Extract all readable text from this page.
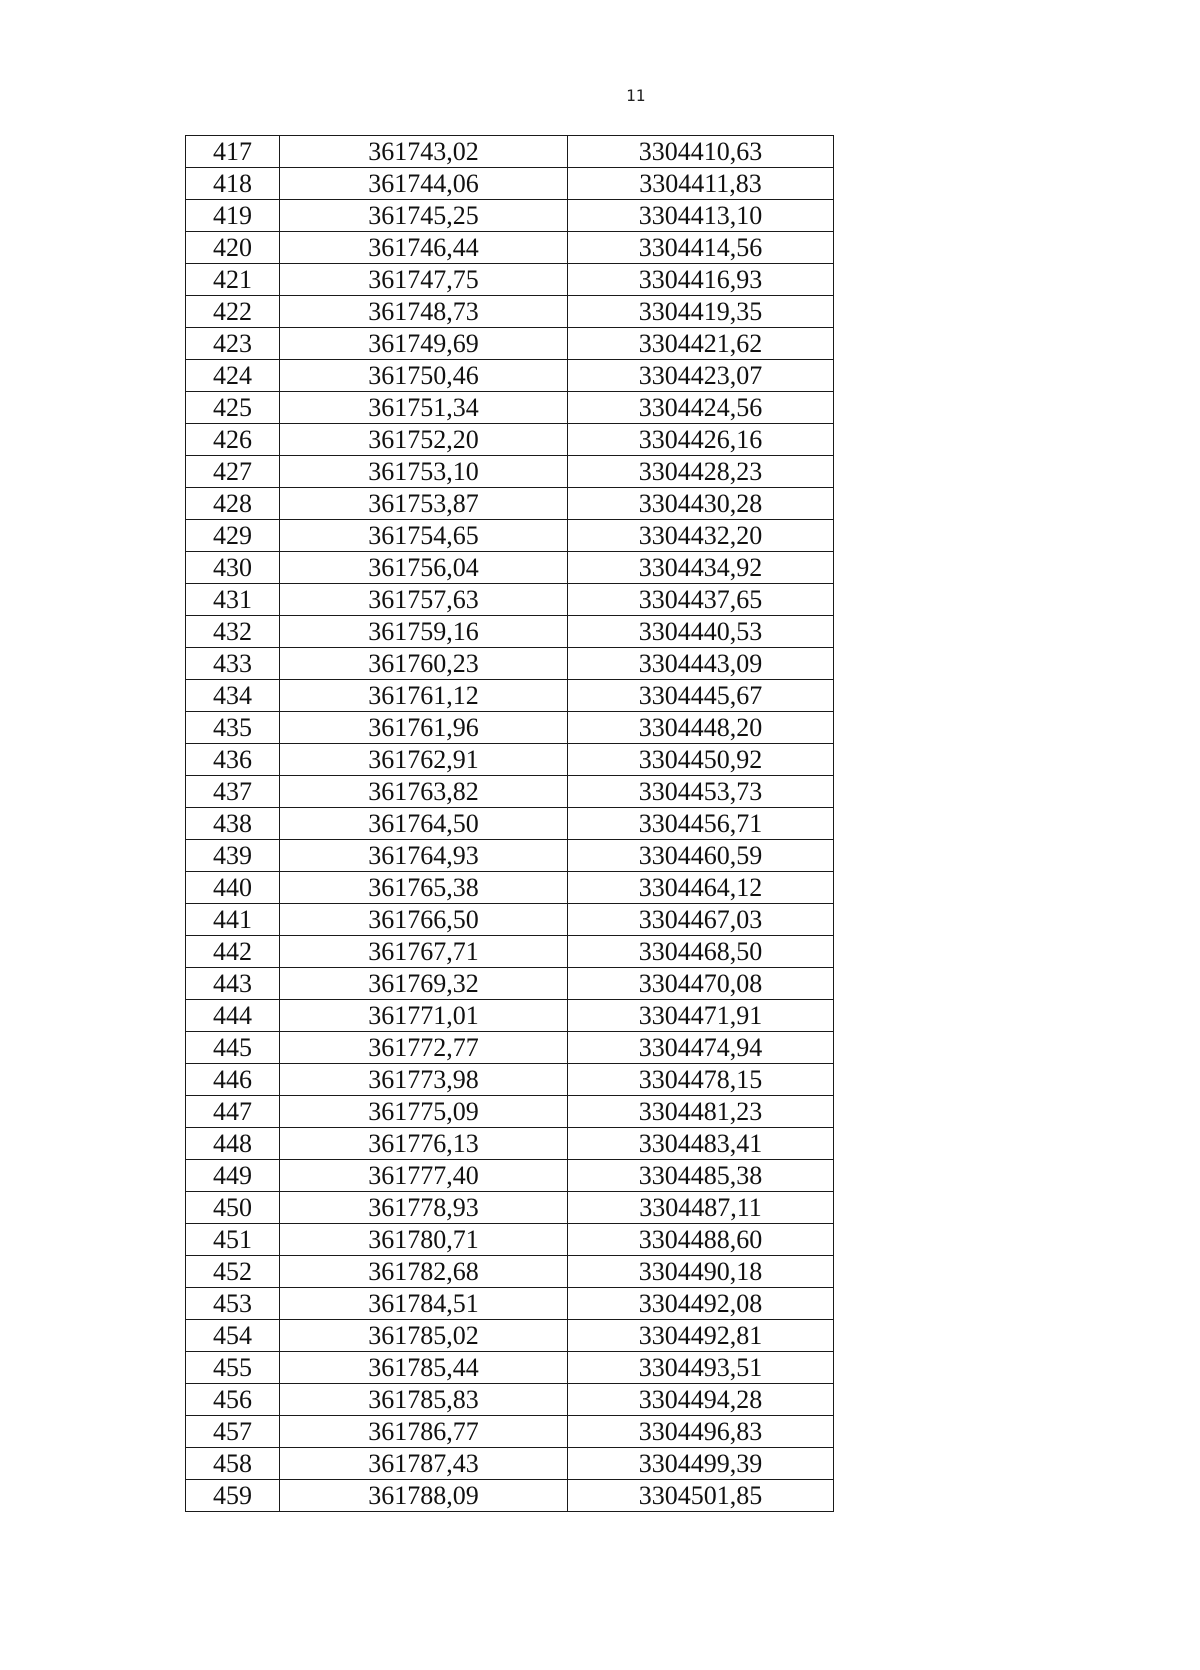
11
417	361743,02	3304410,63
418	361744,06	3304411,83
419	361745,25	3304413,10
420	361746,44	3304414,56
421	361747,75	3304416,93
422	361748,73	3304419,35
423	361749,69	3304421,62
424	361750,46	3304423,07
425	361751,34	3304424,56
426	361752,20	3304426,16
427	361753,10	3304428,23
428	361753,87	3304430,28
429	361754,65	3304432,20
430	361756,04	3304434,92
431	361757,63	3304437,65
432	361759,16	3304440,53
433	361760,23	3304443,09
434	361761,12	3304445,67
435	361761,96	3304448,20
436	361762,91	3304450,92
437	361763,82	3304453,73
438	361764,50	3304456,71
439	361764,93	3304460,59
440	361765,38	3304464,12
441	361766,50	3304467,03
442	361767,71	3304468,50
443	361769,32	3304470,08
444	361771,01	3304471,91
445	361772,77	3304474,94
446	361773,98	3304478,15
447	361775,09	3304481,23
448	361776,13	3304483,41
449	361777,40	3304485,38
450	361778,93	3304487,11
451	361780,71	3304488,60
452	361782,68	3304490,18
453	361784,51	3304492,08
454	361785,02	3304492,81
455	361785,44	3304493,51
456	361785,83	3304494,28
457	361786,77	3304496,83
458	361787,43	3304499,39
459	361788,09	3304501,85
